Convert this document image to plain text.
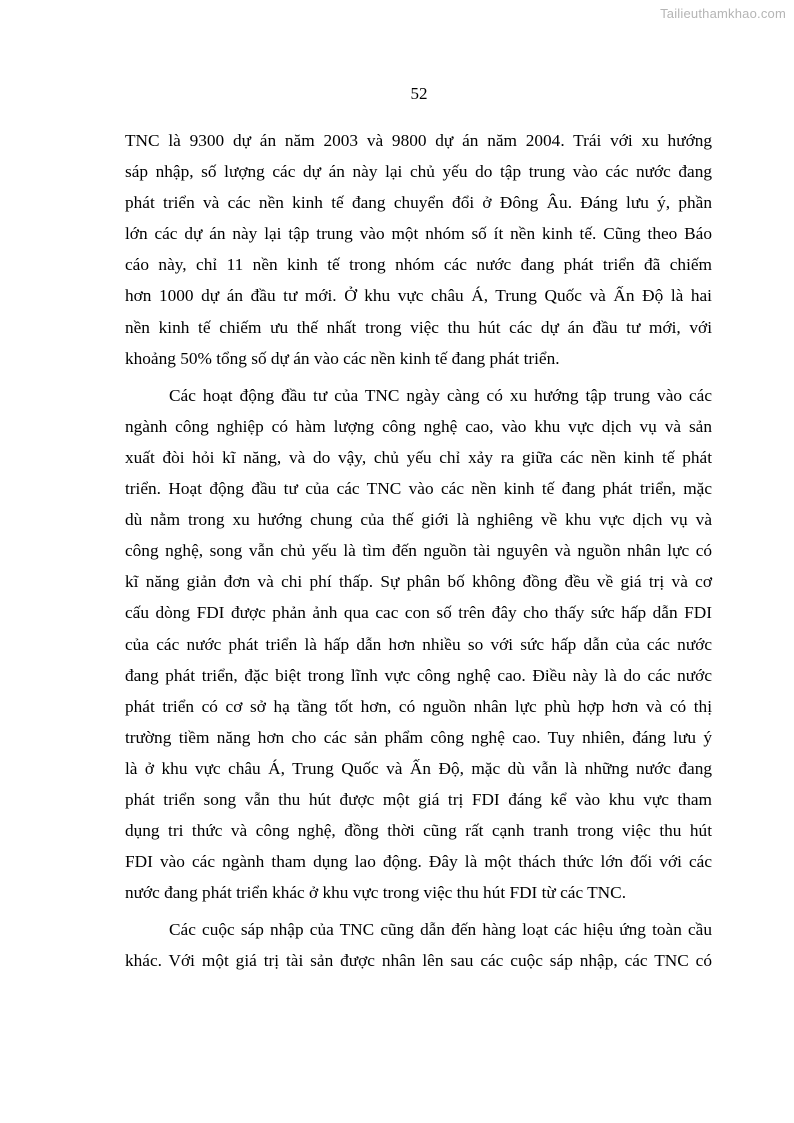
Tailieuthamkhao.com
52
TNC là 9300 dự án năm 2003 và 9800 dự án năm 2004. Trái với xu hướng
sáp nhập, số lượng các dự án này lại chủ yếu do tập trung vào các nước đang
phát triển và các nền kinh tế đang chuyển đổi ở Đông Âu. Đáng lưu ý, phần
lớn các dự án này lại tập trung vào một nhóm số ít nền kinh tế. Cũng theo Báo
cáo này, chỉ 11 nền kinh tế trong nhóm các nước đang phát triển đã chiếm
hơn 1000 dự án đầu tư mới. Ở khu vực châu Á, Trung Quốc và Ấn Độ là hai
nền kinh tế chiếm ưu thế nhất trong việc thu hút các dự án đầu tư mới, với
khoảng 50% tổng số dự án vào các nền kinh tế đang phát triển.
Các hoạt động đầu tư của TNC ngày càng có xu hướng tập trung vào các
ngành công nghiệp có hàm lượng công nghệ cao, vào khu vực dịch vụ và sản
xuất đòi hỏi kĩ năng, và do vậy, chủ yếu chỉ xảy ra giữa các nền kinh tế phát
triển. Hoạt động đầu tư của các TNC vào các nền kinh tế đang phát triển, mặc
dù nằm trong xu hướng chung của thế giới là nghiêng về khu vực dịch vụ và
công nghệ, song vẫn chủ yếu là tìm đến nguồn tài nguyên và nguồn nhân lực có
kĩ năng giản đơn và chi phí thấp. Sự phân bố không đồng đều về giá trị và cơ
cấu dòng FDI được phản ảnh qua cac con số trên đây cho thấy sức hấp dẫn FDI
của các nước phát triển là hấp dẫn hơn nhiều so với sức hấp dẫn của các nước
đang phát triển, đặc biệt trong lĩnh vực công nghệ cao. Điều này là do các nước
phát triển có cơ sở hạ tầng tốt hơn, có nguồn nhân lực phù hợp hơn và có thị
trường tiềm năng hơn cho các sản phẩm công nghệ cao. Tuy nhiên, đáng lưu ý
là ở khu vực châu Á, Trung Quốc và Ấn Độ, mặc dù vẫn là những nước đang
phát triển song vẫn thu hút được một giá trị FDI đáng kể vào khu vực tham
dụng tri thức và công nghệ, đồng thời cũng rất cạnh tranh trong việc thu hút
FDI vào các ngành tham dụng lao động. Đây là một thách thức lớn đối với các
nước đang phát triển khác ở khu vực trong việc thu hút FDI từ các TNC.
Các cuộc sáp nhập của TNC cũng dẫn đến hàng loạt các hiệu ứng toàn cầu
khác. Với một giá trị tài sản được nhân lên sau các cuộc sáp nhập, các TNC có
